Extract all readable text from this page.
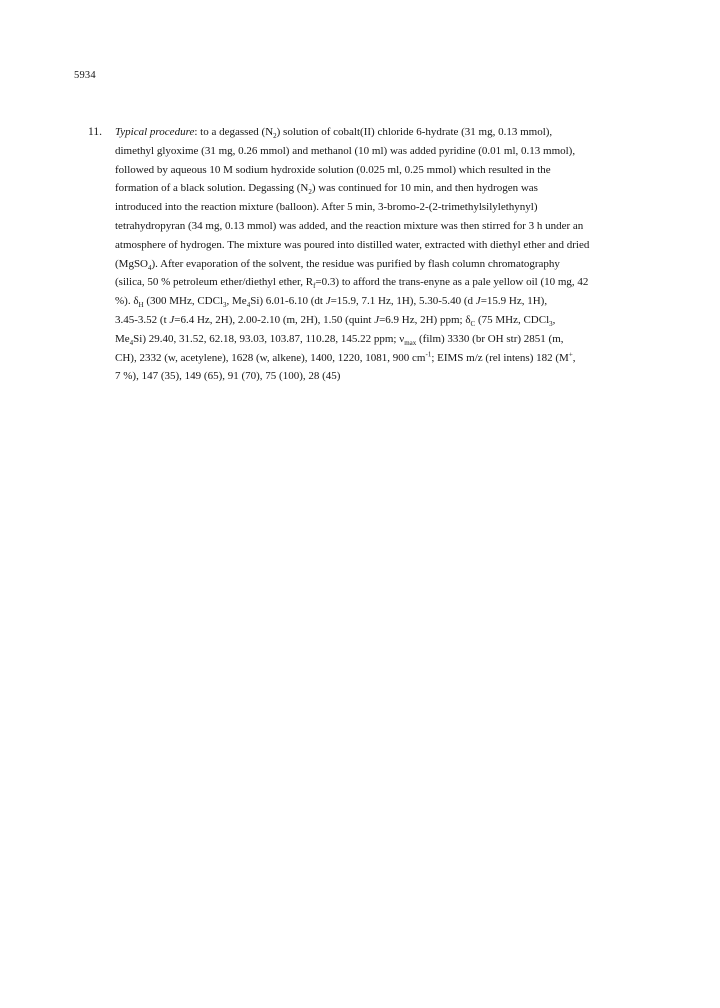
5934
11. Typical procedure: to a degassed $(N_2)$ solution of cobalt(II) chloride 6-hydrate (31 mg, 0.13 mmol),
dimethyl glyoxime (31 mg, 0.26 mmol) and methanol (10 ml) was added pyridine (0.01 ml, 0.13 mmol),
followed by aqueous 10 M sodium hydroxide solution (0.025 ml, 0.25 mmol) which resulted in the
formation of a black solution. Degassing $(N_2)$ was continued for 10 min, and then hydrogen was
introduced into the reaction mixture (balloon). After 5 min, 3-bromo-2-(2-trimethylsilylethynyl)
tetrahydropyran (34 mg, 0.13 mmol) was added, and the reaction mixture was then stirred for 3 h under an
atmosphere of hydrogen. The mixture was poured into distilled water, extracted with diethyl ether and dried
(MgSO$_4$). After evaporation of the solvent, the residue was purified by flash column chromatography
(silica, 50 % petroleum ether/diethyl ether, $R_f=0.3$) to afford the trans-enyne as a pale yellow oil (10 mg, 42
%). $\delta_H$ (300 MHz, CDCl$_3$, $Me_4Si$) 6.01-6.10 (dt J=15.9, 7.1 Hz, 1H), 5.30-5.40 (d J=15.9 Hz, 1H),
3.45-3.52 (t J=6.4 Hz, 2H), 2.00-2.10 (m, 2H), 1.50 (quint J=6.9 Hz, 2H) ppm; $\delta_C$ (75 MHz, CDCl$_3$,
$Me_4Si$) 29.40, 31.52, 62.18, 93.03, 103.87, 110.28, 145.22 ppm; $\nu_{max}$ (film) 3330 (br OH str) 2851 (m,
CH), 2332 (w, acetylene), 1628 (w, alkene), 1400, 1220, 1081, 900 $cm^{-1}$; EIMS m/z (rel intens) 182 (M+,
7 %), 147 (35), 149 (65), 91 (70), 75 (100), 28 (45)
